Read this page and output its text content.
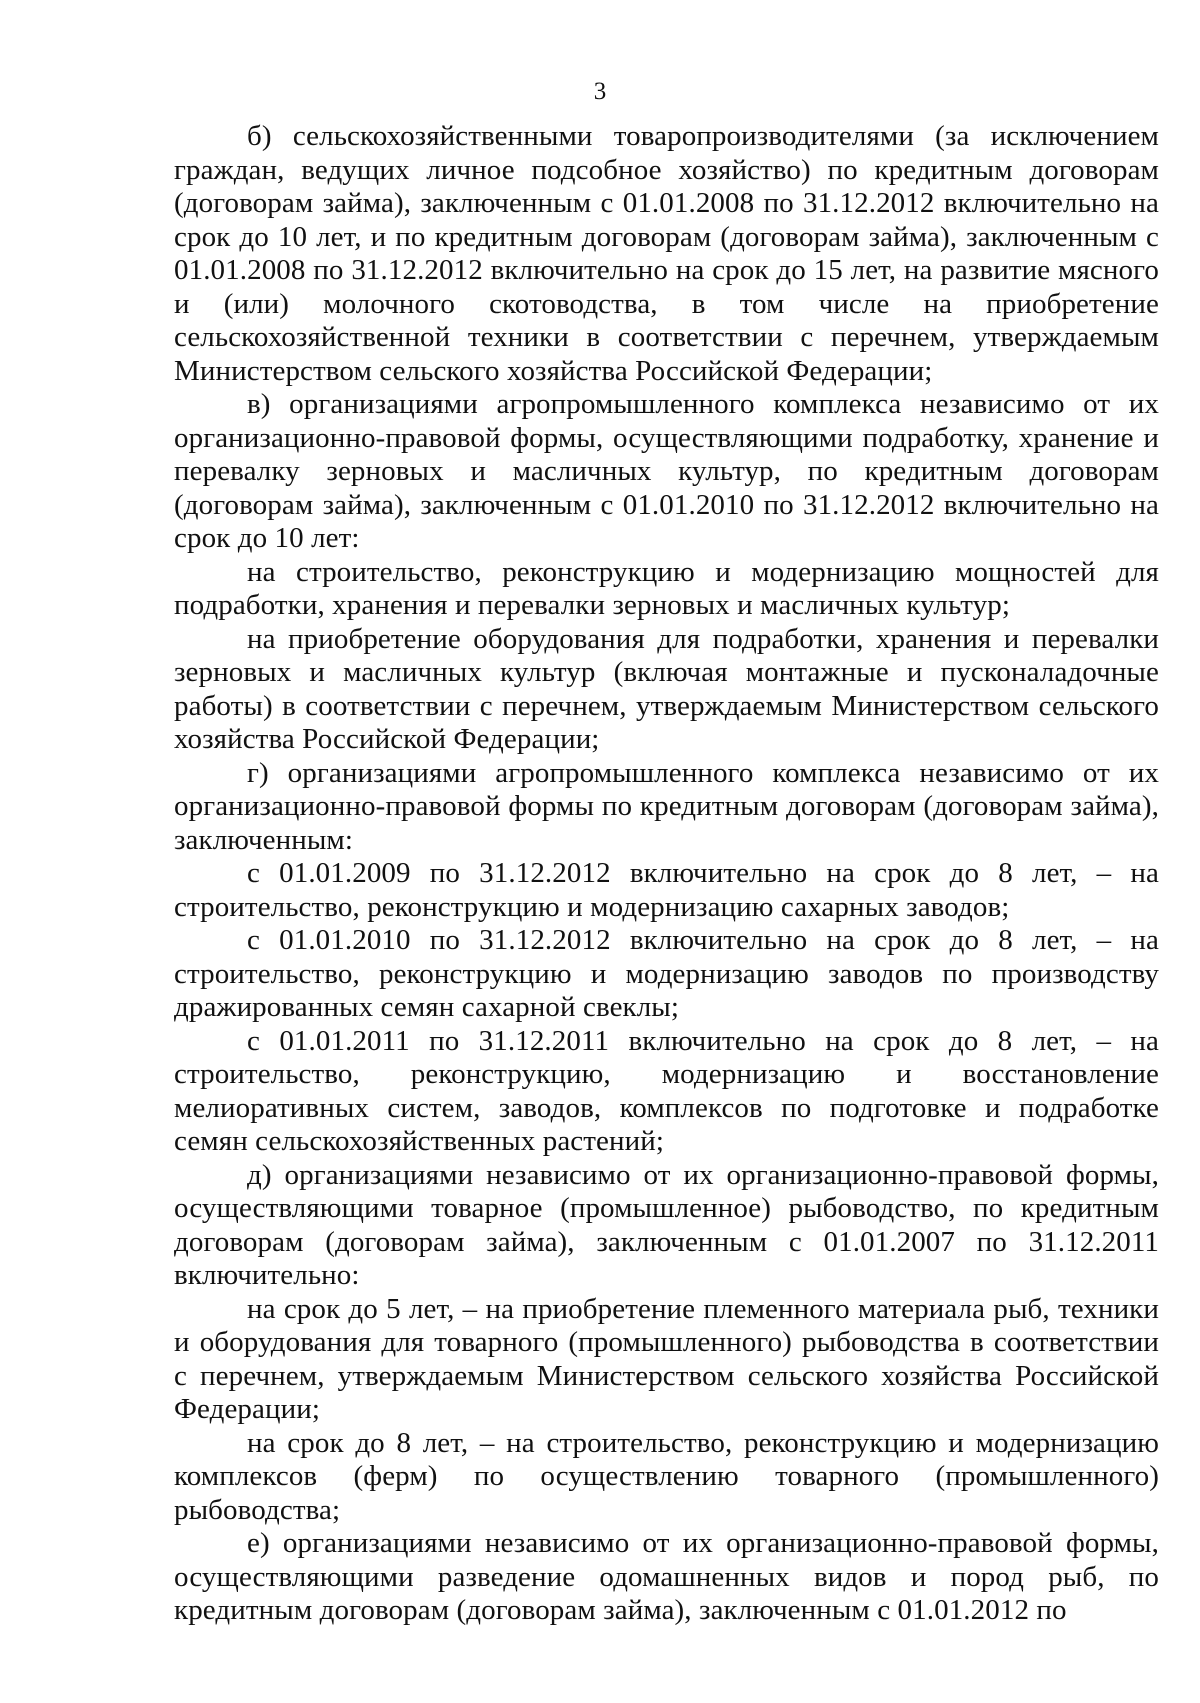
3

б) сельскохозяйственными товаропроизводителями (за исключением граждан, ведущих личное подсобное хозяйство) по кредитным договорам (договорам займа), заключенным с 01.01.2008 по 31.12.2012 включительно на срок до 10 лет, и по кредитным договорам (договорам займа), заключенным с 01.01.2008 по 31.12.2012 включительно на срок до 15 лет, на развитие мясного и (или) молочного скотоводства, в том числе на приобретение сельскохозяйственной техники в соответствии с перечнем, утверждаемым Министерством сельского хозяйства Российской Федерации;

в) организациями агропромышленного комплекса независимо от их организационно-правовой формы, осуществляющими подработку, хранение и перевалку зерновых и масличных культур, по кредитным договорам (договорам займа), заключенным с 01.01.2010 по 31.12.2012 включительно на срок до 10 лет:

на строительство, реконструкцию и модернизацию мощностей для подработки, хранения и перевалки зерновых и масличных культур;

на приобретение оборудования для подработки, хранения и перевалки зерновых и масличных культур (включая монтажные и пусконаладочные работы) в соответствии с перечнем, утверждаемым Министерством сельского хозяйства Российской Федерации;

г) организациями агропромышленного комплекса независимо от их организационно-правовой формы по кредитным договорам (договорам займа), заключенным:

с 01.01.2009 по 31.12.2012 включительно на срок до 8 лет, – на строительство, реконструкцию и модернизацию сахарных заводов;

с 01.01.2010 по 31.12.2012 включительно на срок до 8 лет, – на строительство, реконструкцию и модернизацию заводов по производству дражированных семян сахарной свеклы;

с 01.01.2011 по 31.12.2011 включительно на срок до 8 лет, – на строительство, реконструкцию, модернизацию и восстановление мелиоративных систем, заводов, комплексов по подготовке и подработке семян сельскохозяйственных растений;

д) организациями независимо от их организационно-правовой формы, осуществляющими товарное (промышленное) рыбоводство, по кредитным договорам (договорам займа), заключенным с 01.01.2007 по 31.12.2011 включительно:

на срок до 5 лет, – на приобретение племенного материала рыб, техники и оборудования для товарного (промышленного) рыбоводства в соответствии с перечнем, утверждаемым Министерством сельского хозяйства Российской Федерации;

на срок до 8 лет, – на строительство, реконструкцию и модернизацию комплексов (ферм) по осуществлению товарного (промышленного) рыбоводства;

е) организациями независимо от их организационно-правовой формы, осуществляющими разведение одомашненных видов и пород рыб, по кредитным договорам (договорам займа), заключенным с 01.01.2012 по
